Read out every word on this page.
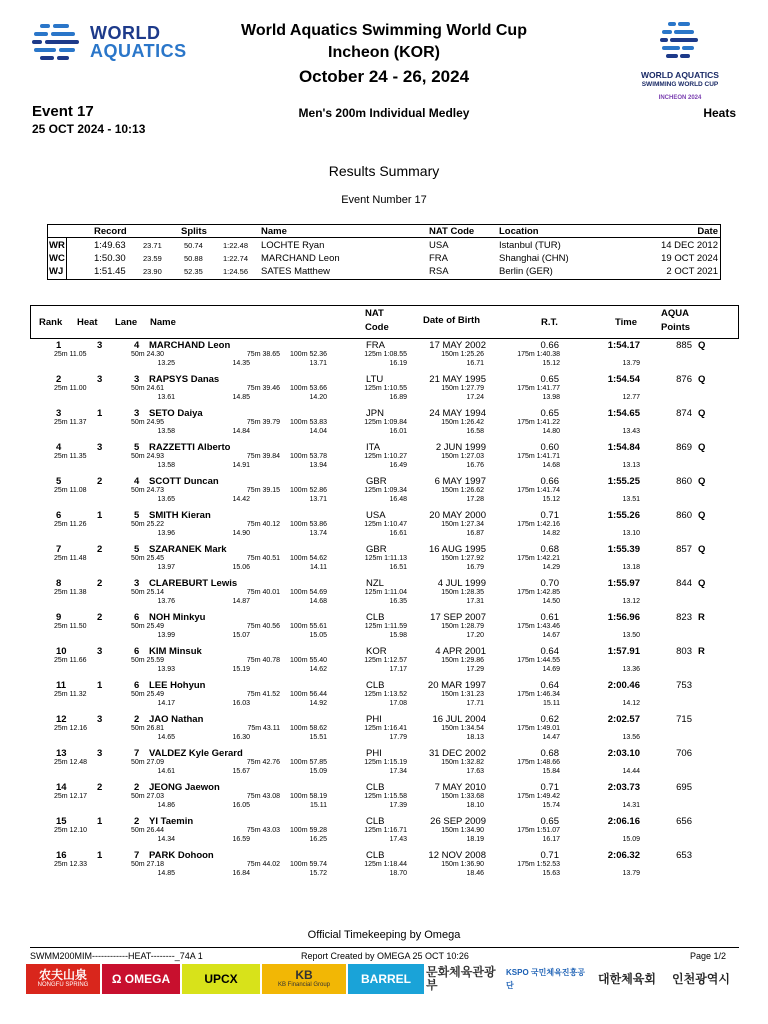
WORLD
AQUATICS
World Aquatics Swimming World Cup
Incheon (KOR)
October 24 - 26, 2024	WORLD AQUATICS
SWIMMING WORLD CUP
INCHEON 2024
Event 17
25 OCT 2024 - 10:13
Men's 200m Individual Medley	Heats
Results Summary
Event Number 17
Record	Splits	Name	NAT Code	Location	Date
WR	1:49.63 23.71	50.74	1:22.48 LOCHTE Ryan	USA	Istanbul (TUR)	14 DEC 2012
WC	1:50.30 23.59	50.88	1:22.74 MARCHAND Leon	FRA	Shanghai (CHN)	19 OCT 2024
WJ	1:51.45 23.90	52.35	1:24.56 SATES Matthew	RSA	Berlin (GER)	2 OCT 2021
Rank Heat Lane Name
NAT
Code
Date of Birth	R.T.	Time
AQUA
Points
1	3	4 MARCHAND Leon	FRA	17 MAY 2002	0.66	1:54.17	885 Q
25m 11.05	50m 24.30	75m 38.65 100m 52.36	125m 1:08.55	150m 1:25.26	175m 1:40.38
13.25	14.35	13.71	16.19	16.71	15.12	13.79
2	3	3 RAPSYS Danas	LTU	21 MAY 1995	0.65	1:54.54	876 Q
25m 11.00	50m 24.61	75m 39.46 100m 53.66	125m 1:10.55	150m 1:27.79	175m 1:41.77
13.61	14.85	14.20	16.89	17.24	13.98	12.77
3	1	3 SETO Daiya	JPN	24 MAY 1994	0.65	1:54.65	874 Q
25m 11.37	50m 24.95	75m 39.79 100m 53.83	125m 1:09.84	150m 1:26.42	175m 1:41.22
13.58	14.84	14.04	16.01	16.58	14.80	13.43
4	3	5 RAZZETTI Alberto	ITA	2 JUN 1999	0.60	1:54.84	869 Q
25m 11.35	50m 24.93	75m 39.84 100m 53.78	125m 1:10.27	150m 1:27.03	175m 1:41.71
13.58	14.91	13.94	16.49	16.76	14.68	13.13
5	2	4 SCOTT Duncan	GBR	6 MAY 1997	0.66	1:55.25	860 Q
25m 11.08	50m 24.73	75m 39.15 100m 52.86	125m 1:09.34	150m 1:26.62	175m 1:41.74
13.65	14.42	13.71	16.48	17.28	15.12	13.51
6	1	5 SMITH Kieran	USA	20 MAY 2000	0.71	1:55.26	860 Q
25m 11.26	50m 25.22	75m 40.12 100m 53.86	125m 1:10.47	150m 1:27.34	175m 1:42.16
13.96	14.90	13.74	16.61	16.87	14.82	13.10
7	2	5 SZARANEK Mark	GBR	16 AUG 1995	0.68	1:55.39	857 Q
25m 11.48	50m 25.45	75m 40.51 100m 54.62	125m 1:11.13	150m 1:27.92	175m 1:42.21
13.97	15.06	14.11	16.51	16.79	14.29	13.18
8	2	3 CLAREBURT Lewis	NZL	4 JUL 1999	0.70	1:55.97	844 Q
25m 11.38	50m 25.14	75m 40.01 100m 54.69	125m 1:11.04	150m 1:28.35	175m 1:42.85
13.76	14.87	14.68	16.35	17.31	14.50	13.12
9	2	6 NOH Minkyu	CLB	17 SEP 2007	0.61	1:56.96	823 R
25m 11.50	50m 25.49	75m 40.56 100m 55.61	125m 1:11.59	150m 1:28.79	175m 1:43.46
13.99	15.07	15.05	15.98	17.20	14.67	13.50
10	3	6 KIM Minsuk	KOR	4 APR 2001	0.64	1:57.91	803 R
25m 11.66	50m 25.59	75m 40.78 100m 55.40	125m 1:12.57	150m 1:29.86	175m 1:44.55
13.93	15.19	14.62	17.17	17.29	14.69	13.36
11	1	6 LEE Hohyun	CLB	20 MAR 1997	0.64	2:00.46	753
25m 11.32	50m 25.49	75m 41.52 100m 56.44	125m 1:13.52	150m 1:31.23	175m 1:46.34
14.17	16.03	14.92	17.08	17.71	15.11	14.12
12	3	2 JAO Nathan	PHI	16 JUL 2004	0.62	2:02.57	715
25m 12.16	50m 26.81	75m 43.11 100m 58.62	125m 1:16.41	150m 1:34.54	175m 1:49.01
14.65	16.30	15.51	17.79	18.13	14.47	13.56
13	3	7 VALDEZ Kyle Gerard	PHI	31 DEC 2002	0.68	2:03.10	706
25m 12.48	50m 27.09	75m 42.76 100m 57.85	125m 1:15.19	150m 1:32.82	175m 1:48.66
14.61	15.67	15.09	17.34	17.63	15.84	14.44
14	2	2 JEONG Jaewon	CLB	7 MAY 2010	0.71	2:03.73	695
25m 12.17	50m 27.03	75m 43.08 100m 58.19	125m 1:15.58	150m 1:33.68	175m 1:49.42
14.86	16.05	15.11	17.39	18.10	15.74	14.31
15	1	2 YI Taemin	CLB	26 SEP 2009	0.65	2:06.16	656
25m 12.10	50m 26.44	75m 43.03 100m 59.28	125m 1:16.71	150m 1:34.90	175m 1:51.07
14.34	16.59	16.25	17.43	18.19	16.17	15.09
16	1	7 PARK Dohoon	CLB	12 NOV 2008	0.71	2:06.32	653
25m 12.33	50m 27.18	75m 44.02 100m 59.74	125m 1:18.44	150m 1:36.90	175m 1:52.53
14.85	16.84	15.72	18.70	18.46	15.63	13.79
Official Timekeeping by Omega
SWMM200MIM------------HEAT--------_74A 1	Report Created by OMEGA 25 OCT 10:26	Page 1/2
农夫山泉
NONGFU SPRING Ω OMEGA	UPCX	KB
KB Financial Group	BARREL 문화체육관광부
KSPO 국민체육진흥공단	대한체육회 인천광역시
